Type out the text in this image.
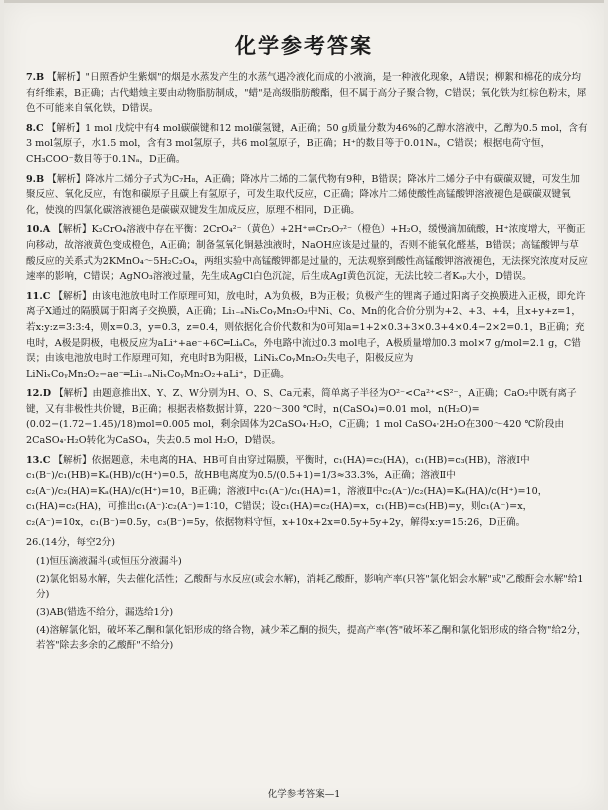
化学参考答案

7.B 【解析】"日照香炉生紫烟"的烟是水蒸发产生的水蒸气遇冷液化而成的小液滴，是一种液化现象，A错误；柳絮和棉花的成分均有纤维素，B正确；古代蜡烛主要由动物脂肪制成，"蜡"是高级脂肪酸酯，但不属于高分子聚合物，C错误；氧化铁为红棕色粉末，犀色不可能来自氧化铁，D错误。

8.C 【解析】1 mol 戊烷中有4 mol碳碳键和12 mol碳氢键，A正确；50 g质量分数为46%的乙醇水溶液中，乙醇为0.5 mol，含有3 mol氢原子，水1.5 mol，含有3 mol氢原子，共6 mol氢原子，B正确；H⁺的数目等于0.01Nₐ，C错误；根据电荷守恒，CH₃COO⁻数目等于0.1Nₐ，D正确。

9.B 【解析】降冰片二烯分子式为C₇H₈，A正确；降冰片二烯的二氯代物有9种，B错误；降冰片二烯分子中有碳碳双键，可发生加聚反应、氧化反应，有饱和碳原子且碳上有氢原子，可发生取代反应，C正确；降冰片二烯使酸性高锰酸钾溶液褪色是碳碳双键氧化，使溴的四氯化碳溶液褪色是碳碳双键发生加成反应，原理不相同，D正确。

10.A 【解析】K₂CrO₄溶液中存在平衡：2CrO₄²⁻（黄色）+2H⁺⇌Cr₂O₇²⁻（橙色）+H₂O，缓慢滴加硫酸，H⁺浓度增大，平衡正向移动，故溶液黄色变成橙色，A正确；制备氢氧化铜悬浊液时，NaOH应该是过量的，否则不能氧化醛基，B错误；高锰酸钾与草酸反应的关系式为2KMnO₄～5H₂C₂O₄，两组实验中高锰酸钾都是过量的，无法观察到酸性高锰酸钾溶液褪色，无法探究浓度对反应速率的影响，C错误；AgNO₃溶液过量，先生成AgCl白色沉淀，后生成AgI黄色沉淀，无法比较二者Kₛₚ大小，D错误。

11.C 【解析】由该电池放电时工作原理可知，放电时，A为负极，B为正极；负极产生的锂离子通过阳离子交换膜进入正极，即允许离子X通过的隔膜属于阳离子交换膜，A正确；Li₁₋ₐNiₓCoᵧMn₂O₂中Ni、Co、Mn的化合价分别为+2、+3、+4，且x+y+z=1，若x:y:z=3:3:4，则x=0.3，y=0.3，z=0.4，则依据化合价代数和为0可知a=1+2×0.3+3×0.3+4×0.4−2×2=0.1，B正确；充电时，A极是阴极，电极反应为aLi⁺+ae⁻+6C═LiₐC₆，外电路中流过0.3 mol电子，A极质量增加0.3 mol×7 g/mol=2.1 g，C错误；由该电池放电时工作原理可知，充电时B为阳极，LiNiₓCoᵧMn₂O₂失电子，阳极反应为LiNiₓCoᵧMn₂O₂−ae⁻═Li₁₋ₐNiₓCoᵧMn₂O₂+aLi⁺，D正确。

12.D 【解析】由题意推出X、Y、Z、W分别为H、O、S、Ca元素，简单离子半径为O²⁻<Ca²⁺<S²⁻，A正确；CaO₂中既有离子键，又有非极性共价键，B正确；根据表格数据计算，220～300 ℃时，n(CaSO₄)=0.01 mol，n(H₂O)=(0.02−(1.72−1.45)/18)mol=0.005 mol，剩余固体为2CaSO₄·H₂O，C正确；1 mol CaSO₄·2H₂O在300～420 ℃阶段由2CaSO₄·H₂O转化为CaSO₄，失去0.5 mol H₂O，D错误。

13.C 【解析】依据题意，未电离的HA、HB可自由穿过隔膜，平衡时，c₁(HA)=c₂(HA)，c₁(HB)=c₃(HB)，溶液Ⅰ中c₁(B⁻)/c₁(HB)=Kₐ(HB)/c(H⁺)=0.5，故HB电离度为0.5/(0.5+1)=1/3≈33.3%，A正确；溶液Ⅱ中c₂(A⁻)/c₂(HA)=Kₐ(HA)/c(H⁺)=10，B正确；溶液Ⅰ中c₁(A⁻)/c₁(HA)=1，溶液Ⅱ中c₂(A⁻)/c₂(HA)=Kₐ(HA)/c(H⁺)=10，c₁(HA)=c₂(HA)，可推出c₁(A⁻)∶c₂(A⁻)=1∶10，C错误；设c₁(HA)=c₂(HA)=x，c₁(HB)=c₃(HB)=y，则c₁(A⁻)=x，c₂(A⁻)=10x，c₁(B⁻)=0.5y，c₃(B⁻)=5y，依据物料守恒，x+10x+2x=0.5y+5y+2y，解得x:y=15:26，D正确。

26.(14分，每空2分)

(1)恒压滴液漏斗(或恒压分液漏斗)

(2)氯化铝易水解，失去催化活性；乙酸酐与水反应(或会水解)，消耗乙酸酐，影响产率(只答"氯化铝会水解"或"乙酸酐会水解"给1分)

(3)AB(错选不给分，漏选给1分)

(4)溶解氯化铝，破坏苯乙酮和氯化铝形成的络合物，减少苯乙酮的损失，提高产率(答"破坏苯乙酮和氯化铝形成的络合物"给2分，若答"除去多余的乙酸酐"不给分)

化学参考答案—1
